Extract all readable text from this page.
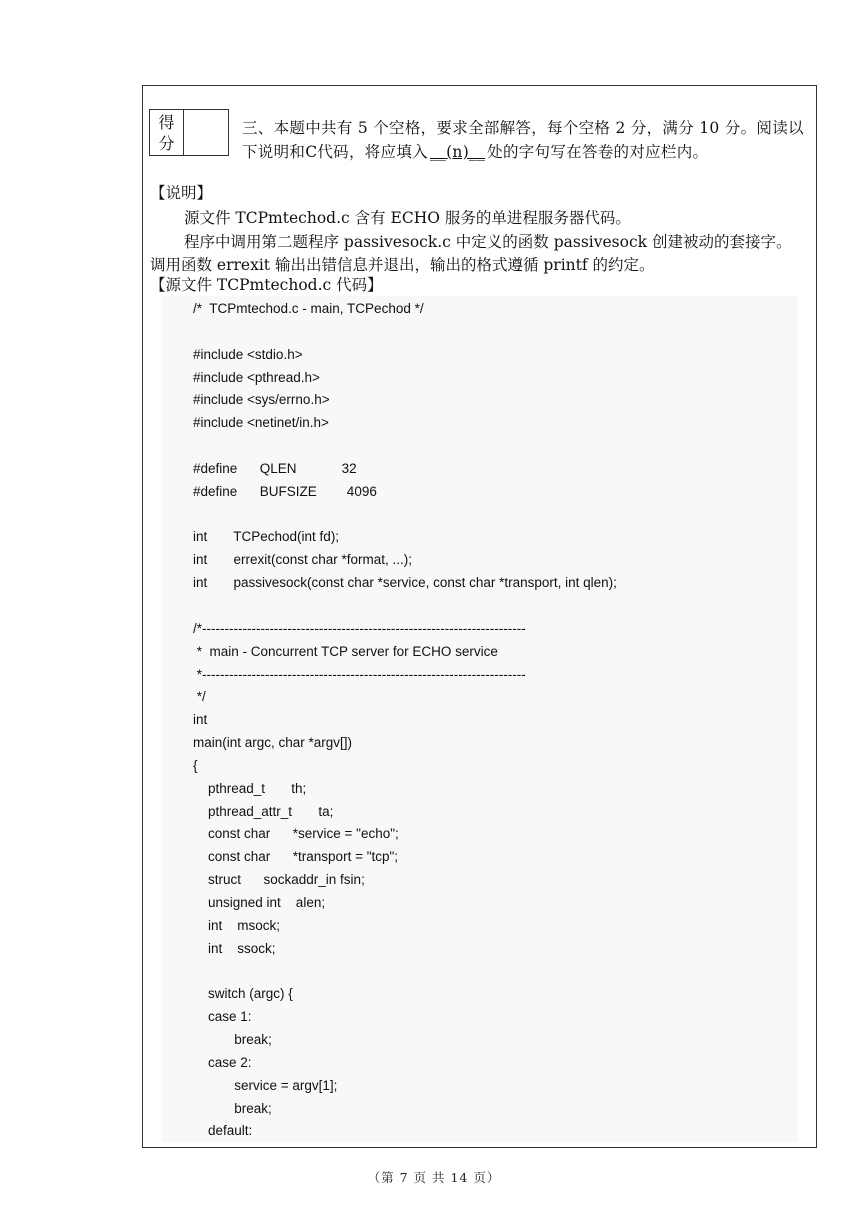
得
分
三、本题中共有 5 个空格，要求全部解答，每个空格 2 分，满分 10 分。阅读以下说明和C代码，将应填入 __(n)__ 处的字句写在答卷的对应栏内。
【说明】
源文件 TCPmtechod.c 含有 ECHO 服务的单进程服务器代码。
程序中调用第二题程序 passivesock.c 中定义的函数 passivesock 创建被动的套接字。
调用函数 errexit 输出出错信息并退出，输出的格式遵循 printf 的约定。
【源文件 TCPmtechod.c 代码】
/*  TCPmtechod.c - main, TCPechod */
#include <stdio.h>
#include <pthread.h>
#include <sys/errno.h>
#include <netinet/in.h>
#define      QLEN            32
#define      BUFSIZE        4096
int       TCPechod(int fd);
int       errexit(const char *format, ...);
int       passivesock(const char *service, const char *transport, int qlen);
/*------------------------------------------------------------------------
*  main - Concurrent TCP server for ECHO service
*------------------------------------------------------------------------
*/
int
main(int argc, char *argv[])
{
pthread_t       th;
pthread_attr_t       ta;
const char      *service = "echo";
const char      *transport = "tcp";
struct      sockaddr_in fsin;
unsigned int    alen;
int    msock;
int    ssock;
switch (argc) {
case 1:
break;
case 2:
service = argv[1];
break;
default:
（第 7 页 共 14 页）
